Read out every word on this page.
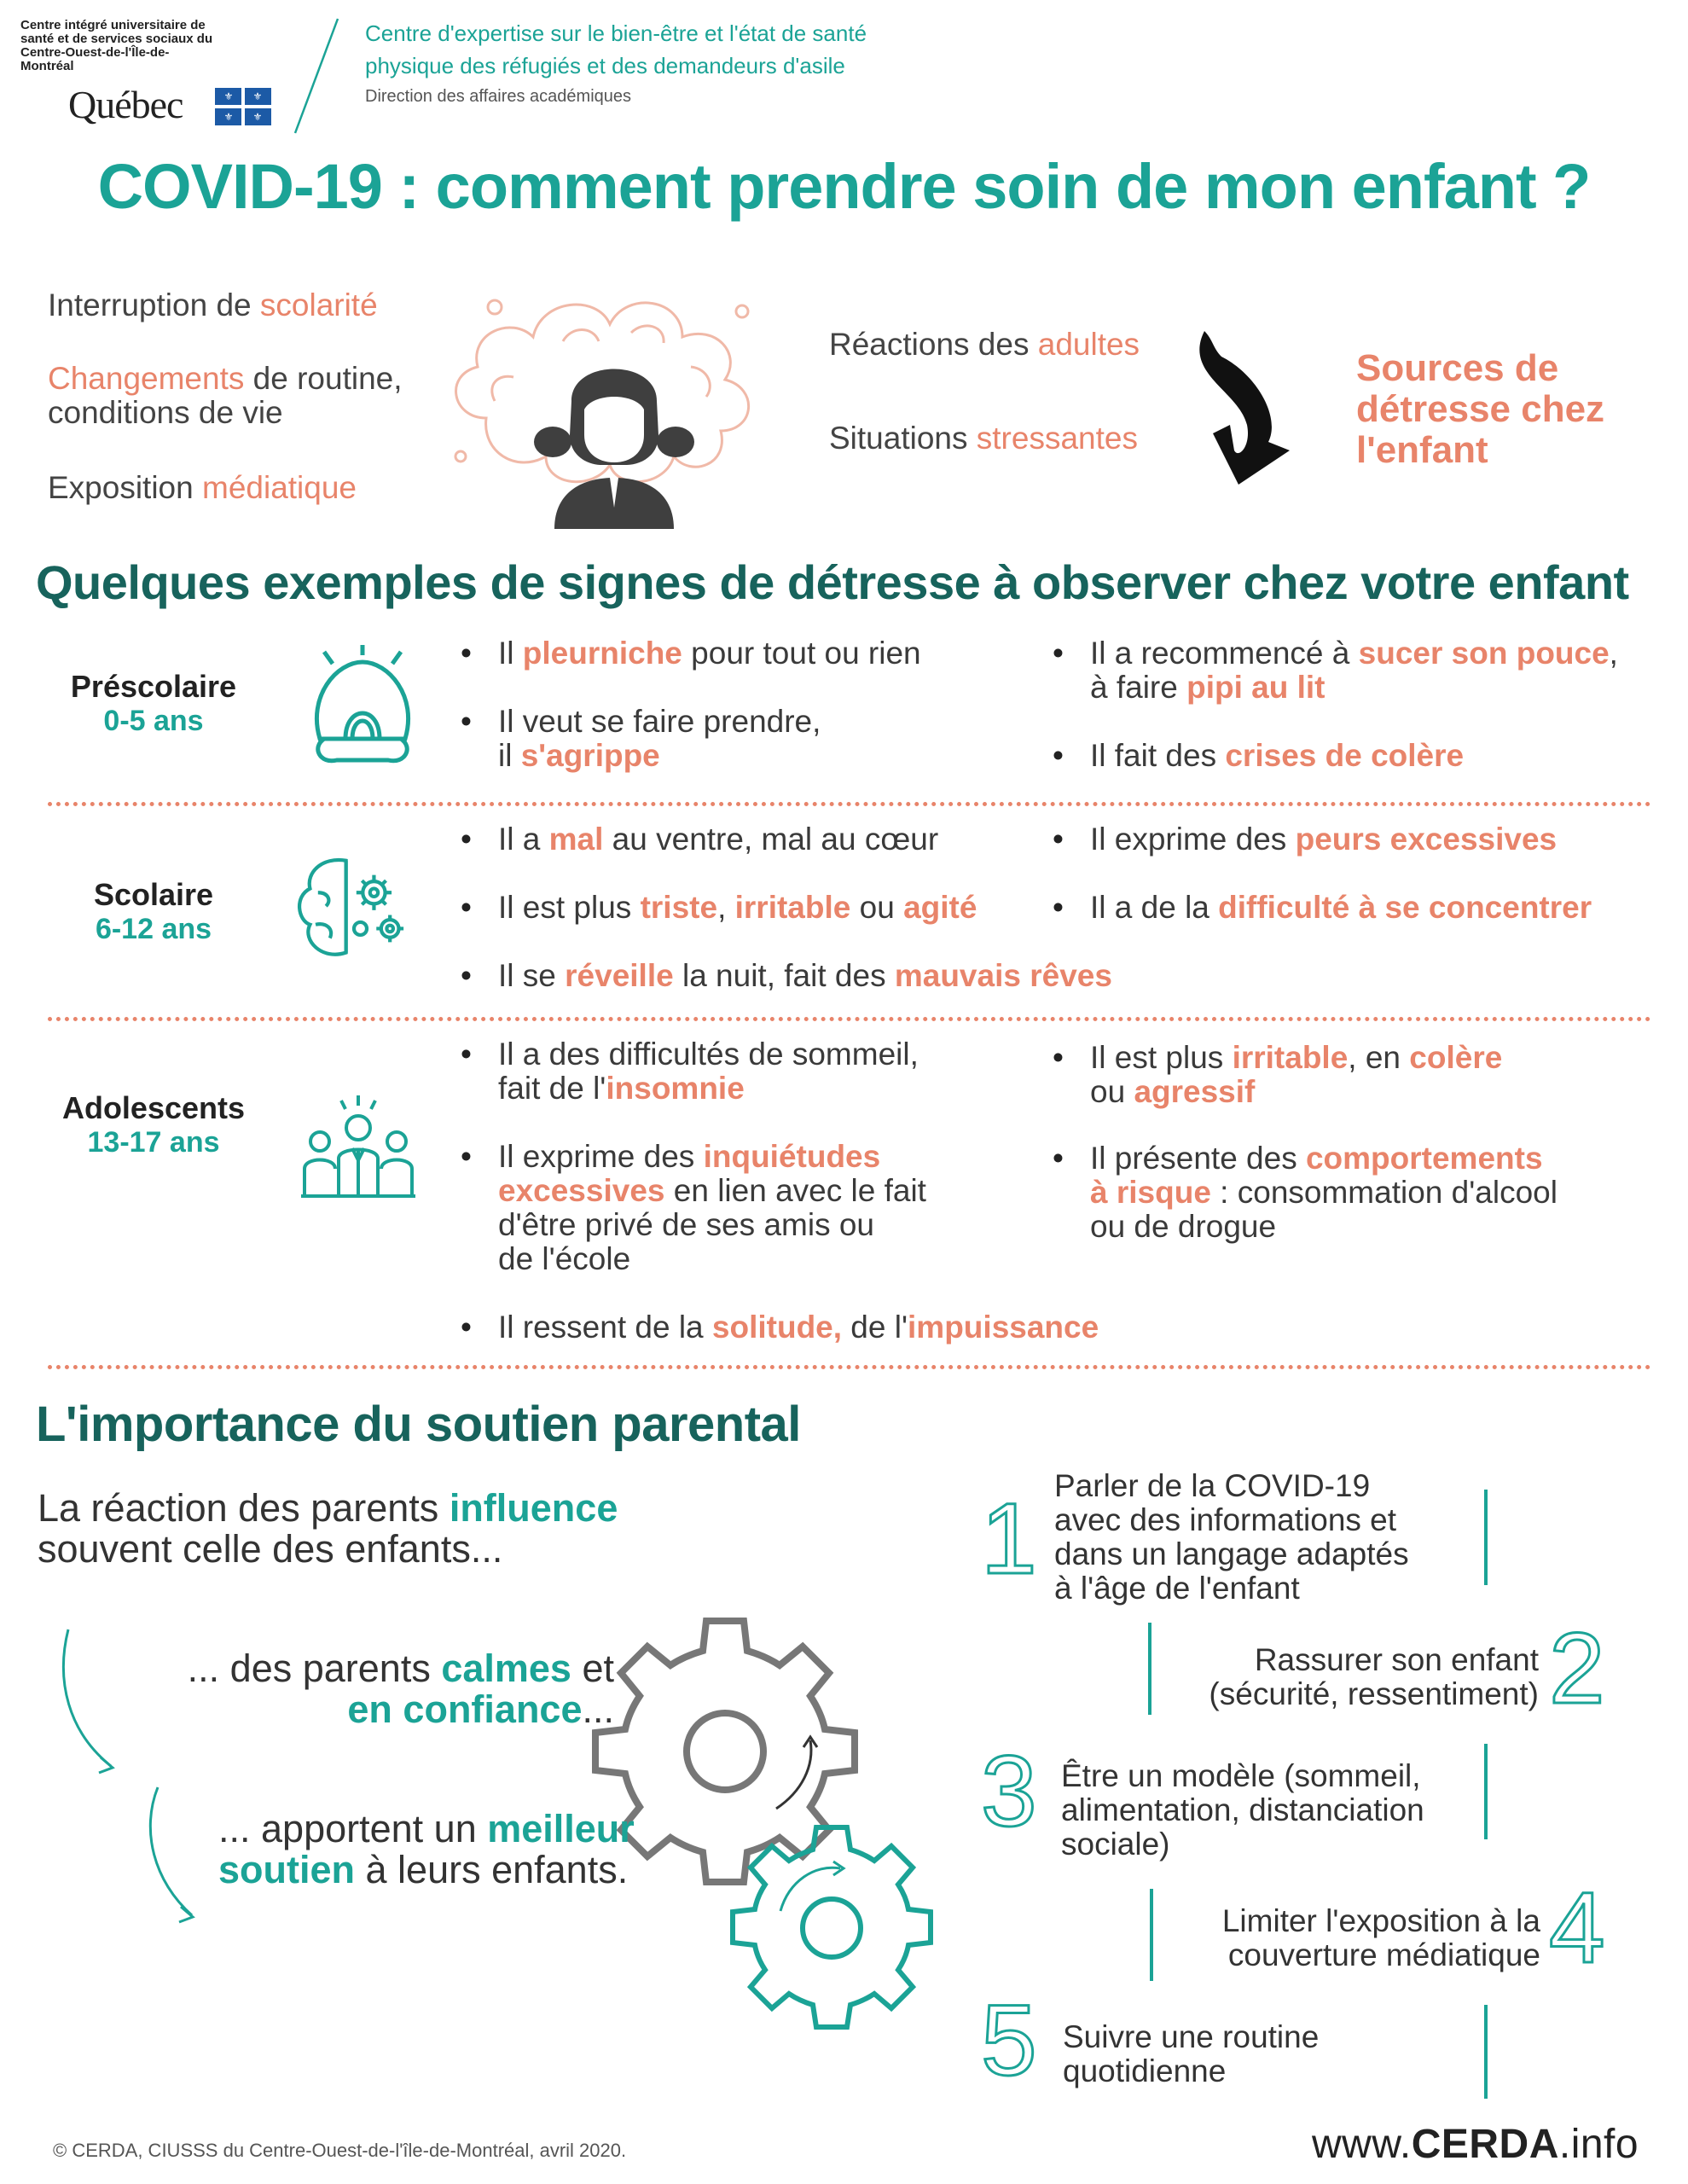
Centre intégré universitaire de santé et de services sociaux du Centre-Ouest-de-l'Île-de-Montréal
Québec	⚜ ⚜
⚜ ⚜
Centre d'expertise sur le bien-être et l'état de santé
physique des réfugiés et des demandeurs d'asile
Direction des affaires académiques
COVID-19 : comment prendre soin de mon enfant ?
Interruption de scolarité
Changements de routine,
conditions de vie
Exposition médiatique
Réactions des adultes
Situations stressantes
Sources de
détresse chez
l'enfant
Quelques exemples de signes de détresse à observer chez votre enfant
Préscolaire
0-5 ans
• Il pleurniche pour tout ou rien
• Il veut se faire prendre,
il s'agrippe
• Il a recommencé à sucer son pouce,
à faire pipi au lit
• Il fait des crises de colère
Scolaire
6-12 ans
• Il a mal au ventre, mal au cœur
• Il est plus triste, irritable ou agité
• Il se réveille la nuit, fait des mauvais rêves
• Il exprime des peurs excessives
• Il a de la difficulté à se concentrer
Adolescents
13-17 ans
• Il a des difficultés de sommeil,
fait de l'insomnie
• Il exprime des inquiétudes
excessives en lien avec le fait
d'être privé de ses amis ou
de l'école
• Il ressent de la solitude, de l'impuissance
• Il est plus irritable, en colère
ou agressif
• Il présente des comportements
à risque : consommation d'alcool
ou de drogue
L'importance du soutien parental
La réaction des parents influence
souvent celle des enfants...
... des parents calmes et
en confiance...
... apportent un meilleur
soutien à leurs enfants.
1 Parler de la COVID-19
avec des informations et
dans un langage adaptés
à l'âge de l'enfant
Rassurer son enfant
(sécurité, ressentiment) 2
3 Être un modèle (sommeil,
alimentation, distanciation
sociale)
Limiter l'exposition à la
couverture médiatique 4
5 Suivre une routine
quotidienne
© CERDA, CIUSSS du Centre-Ouest-de-l'île-de-Montréal, avril 2020.	www.CERDA.info
